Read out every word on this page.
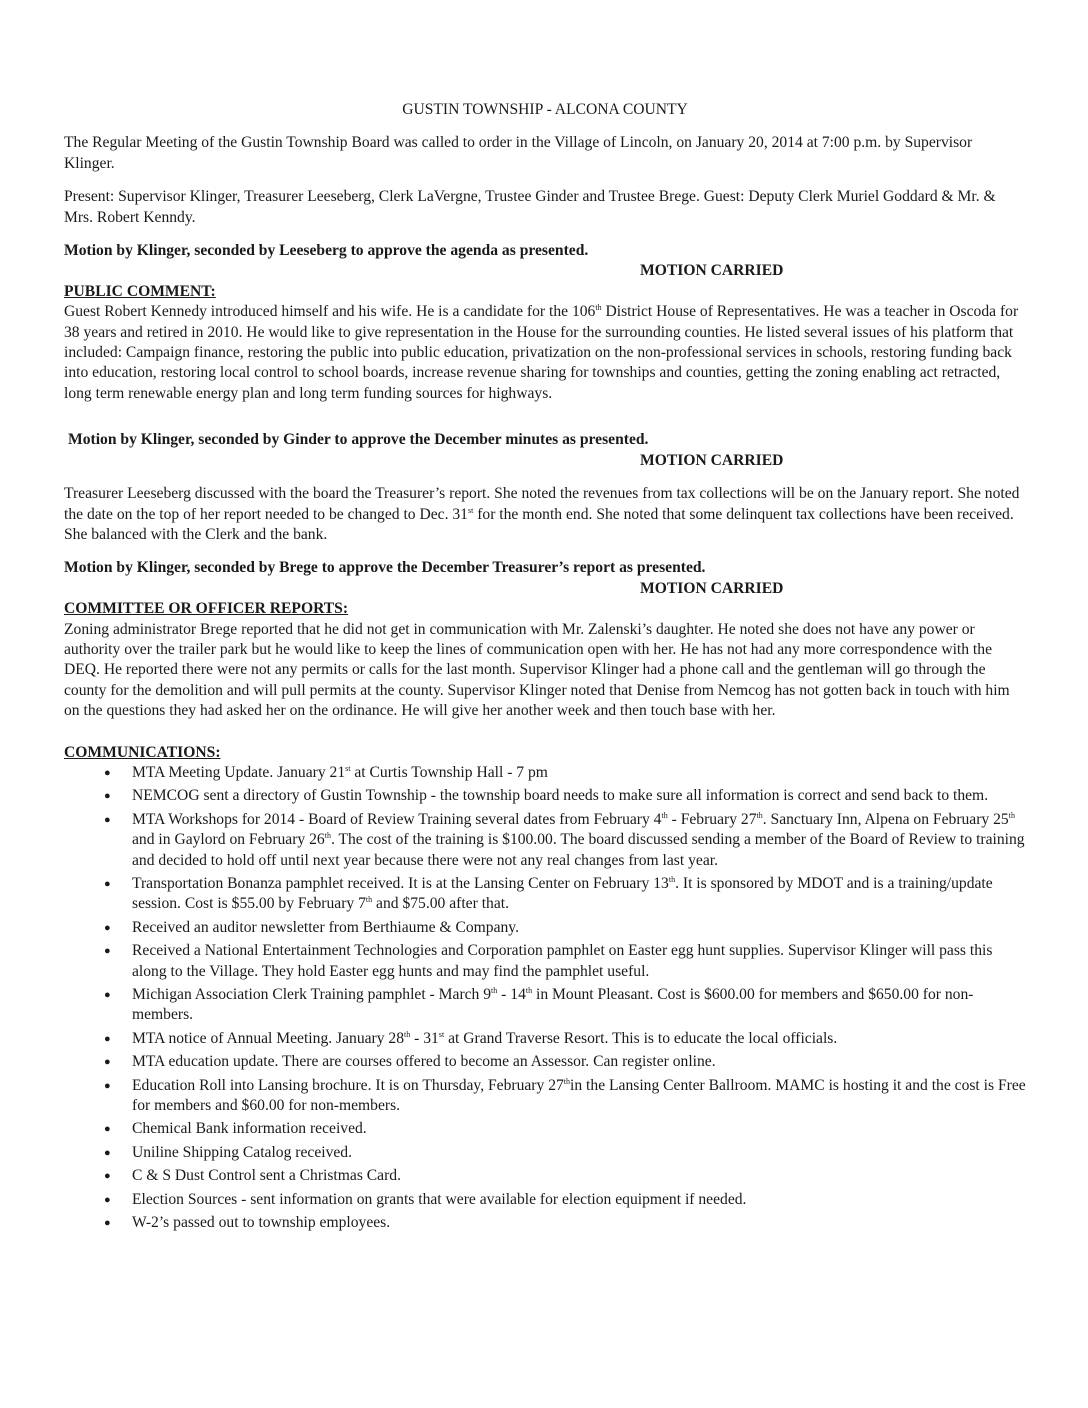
GUSTIN TOWNSHIP - ALCONA COUNTY

The Regular Meeting of the Gustin Township Board was called to order in the Village of Lincoln, on January 20, 2014 at 7:00 p.m. by Supervisor Klinger.

Present: Supervisor Klinger, Treasurer Leeseberg, Clerk LaVergne, Trustee Ginder and Trustee Brege. Guest: Deputy Clerk Muriel Goddard & Mr. & Mrs. Robert Kenndy.

Motion by Klinger, seconded by Leeseberg to approve the agenda as presented.

MOTION CARRIED

PUBLIC COMMENT:

Guest Robert Kennedy introduced himself and his wife. He is a candidate for the 106th District House of Representatives. He was a teacher in Oscoda for 38 years and retired in 2010. He would like to give representation in the House for the surrounding counties. He listed several issues of his platform that included: Campaign finance, restoring the public into public education, privatization on the non-professional services in schools, restoring funding back into education, restoring local control to school boards, increase revenue sharing for townships and counties, getting the zoning enabling act retracted, long term renewable energy plan and long term funding sources for highways.

Motion by Klinger, seconded by Ginder to approve the December minutes as presented.

MOTION CARRIED

Treasurer Leeseberg discussed with the board the Treasurer’s report. She noted the revenues from tax collections will be on the January report. She noted the date on the top of her report needed to be changed to Dec. 31st for the month end. She noted that some delinquent tax collections have been received. She balanced with the Clerk and the bank.

Motion by Klinger, seconded by Brege to approve the December Treasurer’s report as presented.

MOTION CARRIED

COMMITTEE OR OFFICER REPORTS:

Zoning administrator Brege reported that he did not get in communication with Mr. Zalenski’s daughter. He noted she does not have any power or authority over the trailer park but he would like to keep the lines of communication open with her. He has not had any more correspondence with the DEQ. He reported there were not any permits or calls for the last month. Supervisor Klinger had a phone call and the gentleman will go through the county for the demolition and will pull permits at the county. Supervisor Klinger noted that Denise from Nemcog has not gotten back in touch with him on the questions they had asked her on the ordinance. He will give her another week and then touch base with her.

COMMUNICATIONS:

● MTA Meeting Update. January 21st at Curtis Township Hall - 7 pm
● NEMCOG sent a directory of Gustin Township - the township board needs to make sure all information is correct and send back to them.
● MTA Workshops for 2014 - Board of Review Training several dates from February 4th - February 27th. Sanctuary Inn, Alpena on February 25th and in Gaylord on February 26th. The cost of the training is $100.00. The board discussed sending a member of the Board of Review to training and decided to hold off until next year because there were not any real changes from last year.
● Transportation Bonanza pamphlet received. It is at the Lansing Center on February 13th. It is sponsored by MDOT and is a training/update session. Cost is $55.00 by February 7th and $75.00 after that.
● Received an auditor newsletter from Berthiaume & Company.
● Received a National Entertainment Technologies and Corporation pamphlet on Easter egg hunt supplies. Supervisor Klinger will pass this along to the Village. They hold Easter egg hunts and may find the pamphlet useful.
● Michigan Association Clerk Training pamphlet - March 9th - 14th in Mount Pleasant. Cost is $600.00 for members and $650.00 for non-members.
● MTA notice of Annual Meeting. January 28th - 31st at Grand Traverse Resort. This is to educate the local officials.
● MTA education update. There are courses offered to become an Assessor. Can register online.
● Education Roll into Lansing brochure. It is on Thursday, February 27thin the Lansing Center Ballroom. MAMC is hosting it and the cost is Free for members and $60.00 for non-members.
● Chemical Bank information received.
● Uniline Shipping Catalog received.
● C & S Dust Control sent a Christmas Card.
● Election Sources - sent information on grants that were available for election equipment if needed.
● W-2’s passed out to township employees.
